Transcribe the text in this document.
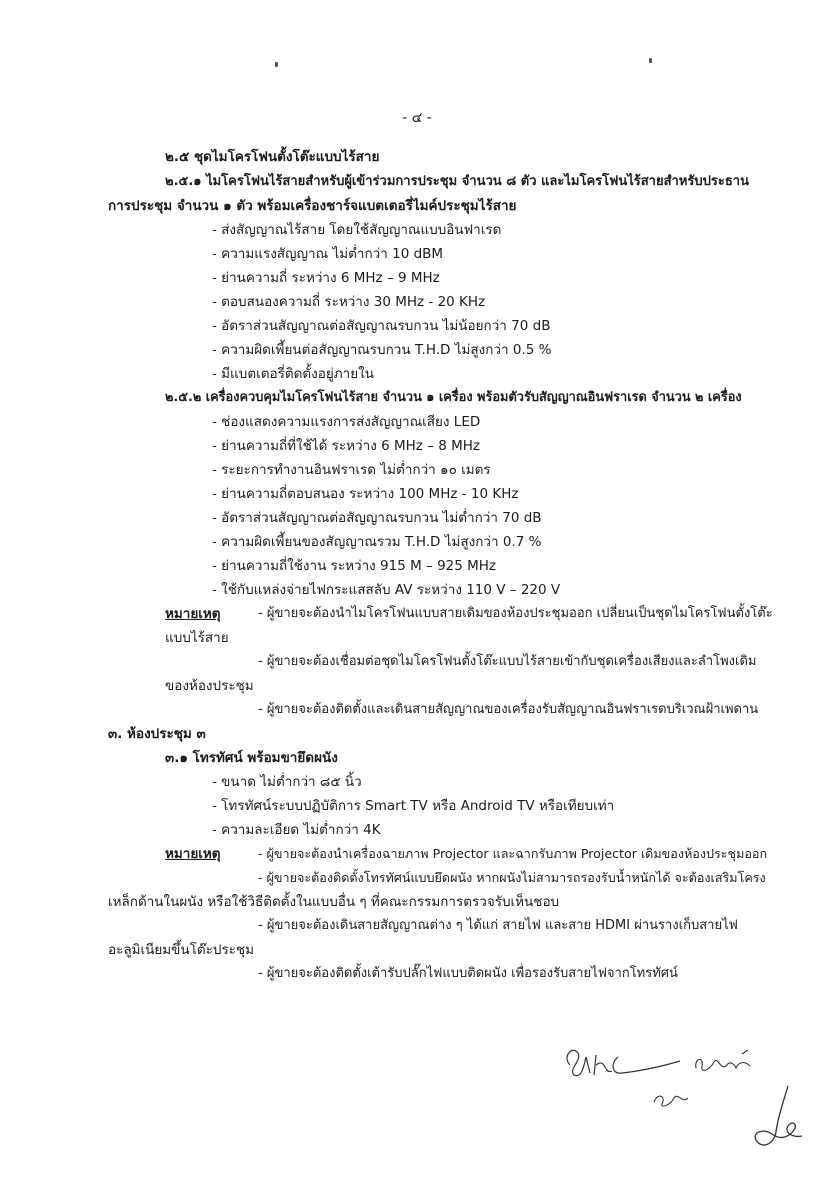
- ๔ -
๒.๕ ชุดไมโครโฟนตั้งโต๊ะแบบไร้สาย
๒.๕.๑ ไมโครโฟนไร้สายสำหรับผู้เข้าร่วมการประชุม จำนวน ๘ ตัว และไมโครโฟนไร้สายสำหรับประธาน
การประชุม จำนวน ๑ ตัว พร้อมเครื่องชาร์จแบตเตอรี่ไมค์ประชุมไร้สาย
- ส่งสัญญาณไร้สาย โดยใช้สัญญาณแบบอินฟาเรด
- ความแรงสัญญาณ ไม่ต่ำกว่า 10 dBM
- ย่านความถี่ ระหว่าง 6 MHz – 9 MHz
- ตอบสนองความถี่ ระหว่าง 30 MHz - 20 KHz
- อัตราส่วนสัญญาณต่อสัญญาณรบกวน ไม่น้อยกว่า 70 dB
- ความผิดเพี้ยนต่อสัญญาณรบกวน T.H.D ไม่สูงกว่า 0.5 %
- มีแบตเตอรี่ติดตั้งอยู่ภายใน
๒.๕.๒ เครื่องควบคุมไมโครโฟนไร้สาย จำนวน ๑ เครื่อง พร้อมตัวรับสัญญาณอินฟราเรด จำนวน ๒ เครื่อง
- ช่องแสดงความแรงการส่งสัญญาณเสียง LED
- ย่านความถี่ที่ใช้ได้ ระหว่าง 6 MHz – 8 MHz
- ระยะการทำงานอินฟราเรด ไม่ต่ำกว่า ๑๐ เมตร
- ย่านความถี่ตอบสนอง ระหว่าง 100 MHz - 10 KHz
- อัตราส่วนสัญญาณต่อสัญญาณรบกวน ไม่ต่ำกว่า 70 dB
- ความผิดเพี้ยนของสัญญาณรวม T.H.D ไม่สูงกว่า 0.7 %
- ย่านความถี่ใช้งาน ระหว่าง 915 M – 925 MHz
- ใช้กับแหล่งจ่ายไฟกระแสสลับ AV ระหว่าง 110 V – 220 V
หมายเหตุ	- ผู้ขายจะต้องนำไมโครโฟนแบบสายเดิมของห้องประชุมออก เปลี่ยนเป็นชุดไมโครโฟนตั้งโต๊ะ
แบบไร้สาย
- ผู้ขายจะต้องเชื่อมต่อชุดไมโครโฟนตั้งโต๊ะแบบไร้สายเข้ากับชุดเครื่องเสียงและลำโพงเดิม
ของห้องประชุม
- ผู้ขายจะต้องติดตั้งและเดินสายสัญญาณของเครื่องรับสัญญาณอินฟราเรดบริเวณฝ้าเพดาน
๓. ห้องประชุม ๓
๓.๑ โทรทัศน์ พร้อมขายึดผนัง
- ขนาด ไม่ต่ำกว่า ๘๕ นิ้ว
- โทรทัศน์ระบบปฏิบัติการ Smart TV หรือ Android TV หรือเทียบเท่า
- ความละเอียด ไม่ต่ำกว่า 4K
หมายเหตุ	- ผู้ขายจะต้องนำเครื่องฉายภาพ Projector และฉากรับภาพ Projector เดิมของห้องประชุมออก
- ผู้ขายจะต้องติดตั้งโทรทัศน์แบบยึดผนัง หากผนังไม่สามารถรองรับน้ำหนักได้ จะต้องเสริมโครง
เหล็กด้านในผนัง หรือใช้วิธีติดตั้งในแบบอื่น ๆ ที่คณะกรรมการตรวจรับเห็นชอบ
- ผู้ขายจะต้องเดินสายสัญญาณต่าง ๆ ได้แก่ สายไฟ และสาย HDMI ผ่านรางเก็บสายไฟ
อะลูมิเนียมขึ้นโต๊ะประชุม
- ผู้ขายจะต้องติดตั้งเต้ารับปลั๊กไฟแบบติดผนัง เพื่อรองรับสายไฟจากโทรทัศน์
